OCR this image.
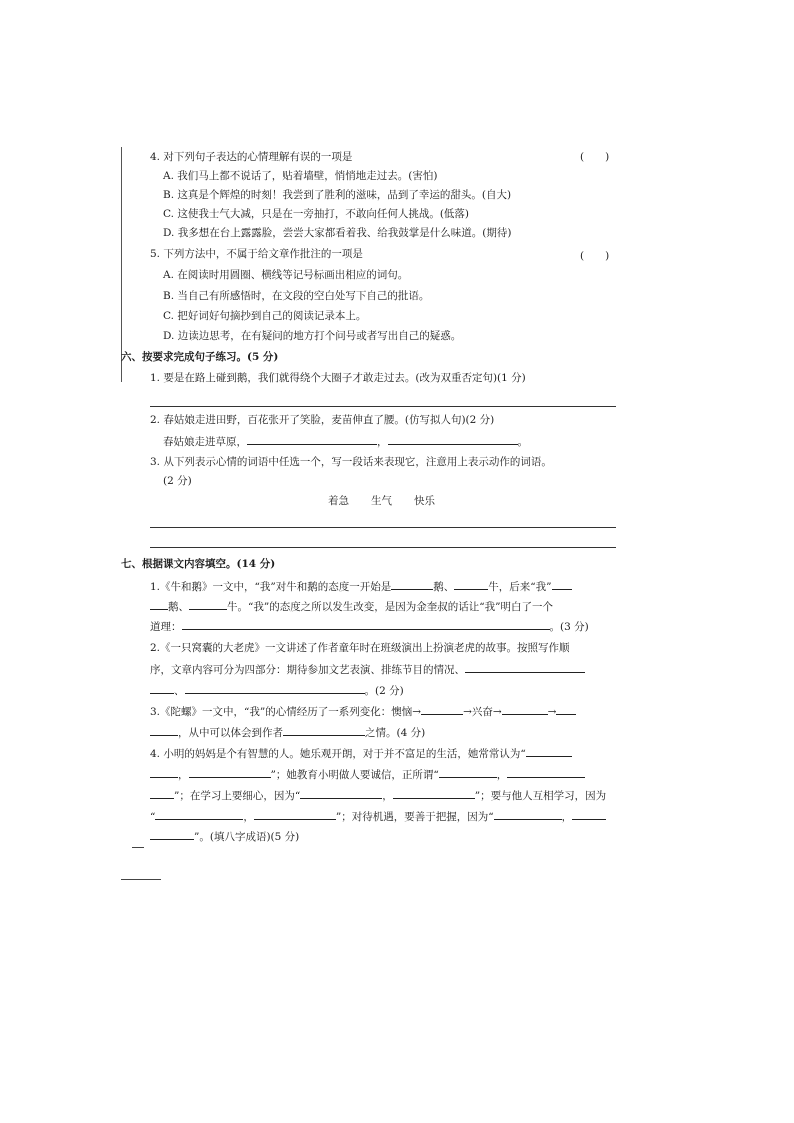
4. 对下列句子表达的心情理解有误的一项是	(　　)
A. 我们马上都不说话了，贴着墙壁，悄悄地走过去。(害怕)
B. 这真是个辉煌的时刻！我尝到了胜利的滋味，品到了幸运的甜头。(自大)
C. 这使我士气大减，只是在一旁抽打，不敢向任何人挑战。(低落)
D. 我多想在台上露露脸，尝尝大家都看着我、给我鼓掌是什么味道。(期待)
5. 下列方法中，不属于给文章作批注的一项是	(　　)
A. 在阅读时用圆圈、横线等记号标画出相应的词句。
B. 当自己有所感悟时，在文段的空白处写下自己的批语。
C. 把好词好句摘抄到自己的阅读记录本上。
D. 边读边思考，在有疑问的地方打个问号或者写出自己的疑惑。
六、按要求完成句子练习。(5 分)
1. 要是在路上碰到鹅，我们就得绕个大圈子才敢走过去。(改为双重否定句)(1 分)
2. 春姑娘走进田野，百花张开了笑脸，麦苗伸直了腰。(仿写拟人句)(2 分)
春姑娘走进草原，	，	。
3. 从下列表示心情的词语中任选一个，写一段话来表现它，注意用上表示动作的词语。
(2 分)
着急 生气 快乐
七、根据课文内容填空。(14 分)
1.《牛和鹅》一文中，“我”对牛和鹅的态度一开始是	鹅、	牛，后来“我”
鹅、	牛。“我”的态度之所以发生改变，是因为金奎叔的话让“我”明白了一个
道理：	。(3 分)
2.《一只窝囊的大老虎》一文讲述了作者童年时在班级演出上扮演老虎的故事。按照写作顺
序，文章内容可分为四部分：期待参加文艺表演、排练节目的情况、
、	。(2 分)
3.《陀螺》一文中，“我”的心情经历了一系列变化：懊恼→	→兴奋→	→
，从中可以体会到作者	之情。(4 分)
4. 小明的妈妈是个有智慧的人。她乐观开朗，对于并不富足的生活，她常常认为“
，	”；她教育小明做人要诚信，正所谓“	，
”；在学习上要细心，因为“	，	”；要与他人互相学习，因为
“	，	”；对待机遇，要善于把握，因为“	，
”。(填八字成语)(5 分)
